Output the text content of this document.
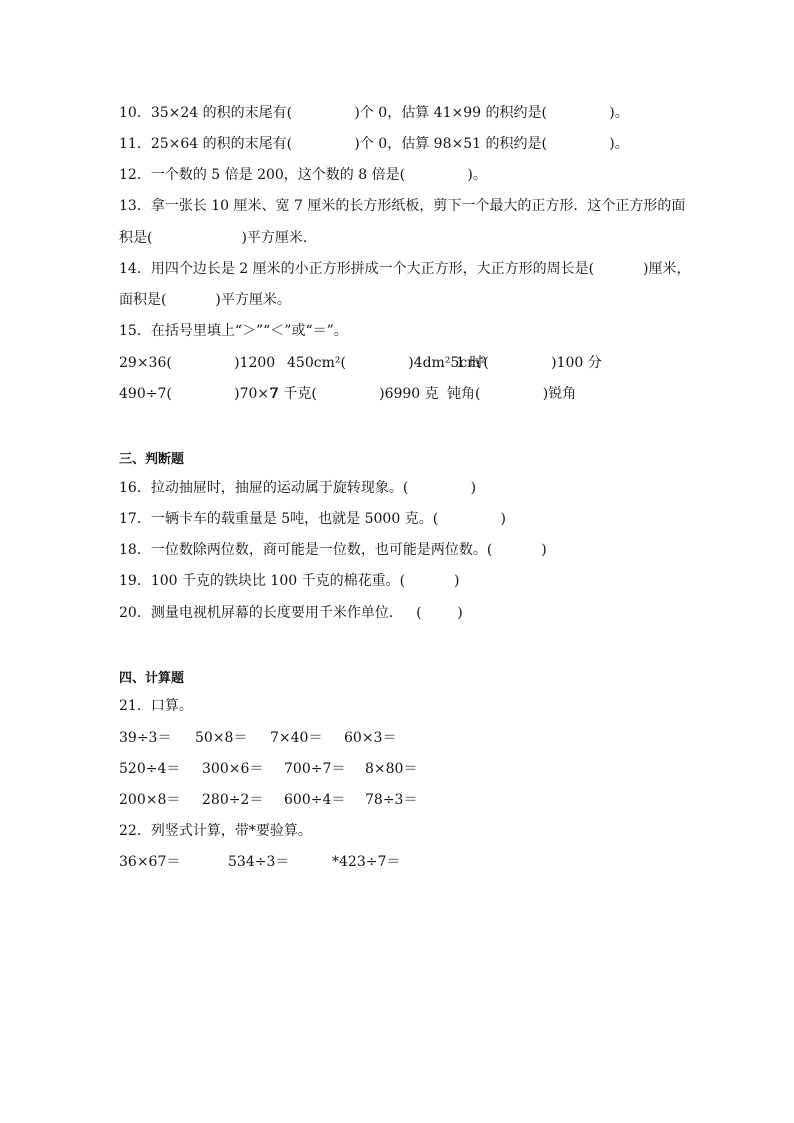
10．35×24 的积的末尾有(              )个 0，估算 41×99 的积约是(              )。
11．25×64 的积的末尾有(              )个 0，估算 98×51 的积约是(              )。
12．一个数的 5 倍是 200，这个数的 8 倍是(              )。
13．拿一张长 10 厘米、宽 7 厘米的长方形纸板，剪下一个最大的正方形．这个正方形的面
积是(                    )平方厘米．
14．用四个边长是 2 厘米的小正方形拼成一个大正方形，大正方形的周长是(           )厘米，
面积是(           )平方厘米。
15．在括号里填上“＞”“＜”或“＝”。
29×36(              )1200 450cm²(              )4dm²5cm²
1 时(              )100 分
490÷7(              )70×7
7 千克(              )6990 克 钝角(              )锐角
三、判断题
16．拉动抽屉时，抽屉的运动属于旋转现象。(              )
17．一辆卡车的载重量是 5吨，也就是 5000 克。(              )
18．一位数除两位数，商可能是一位数，也可能是两位数。(           )
19．100 千克的铁块比 100 千克的棉花重。(           )
20．测量电视机屏幕的长度要用千米作单位．   (        )
四、计算题
21．口算。
39÷3＝ 50×8＝ 7×40＝ 60×3＝
520÷4＝ 300×6＝ 700÷7＝ 8×80＝
200×8＝ 280÷2＝ 600÷4＝ 78÷3＝
22．列竖式计算，带*要验算。
36×67＝	534÷3＝	*423÷7＝
